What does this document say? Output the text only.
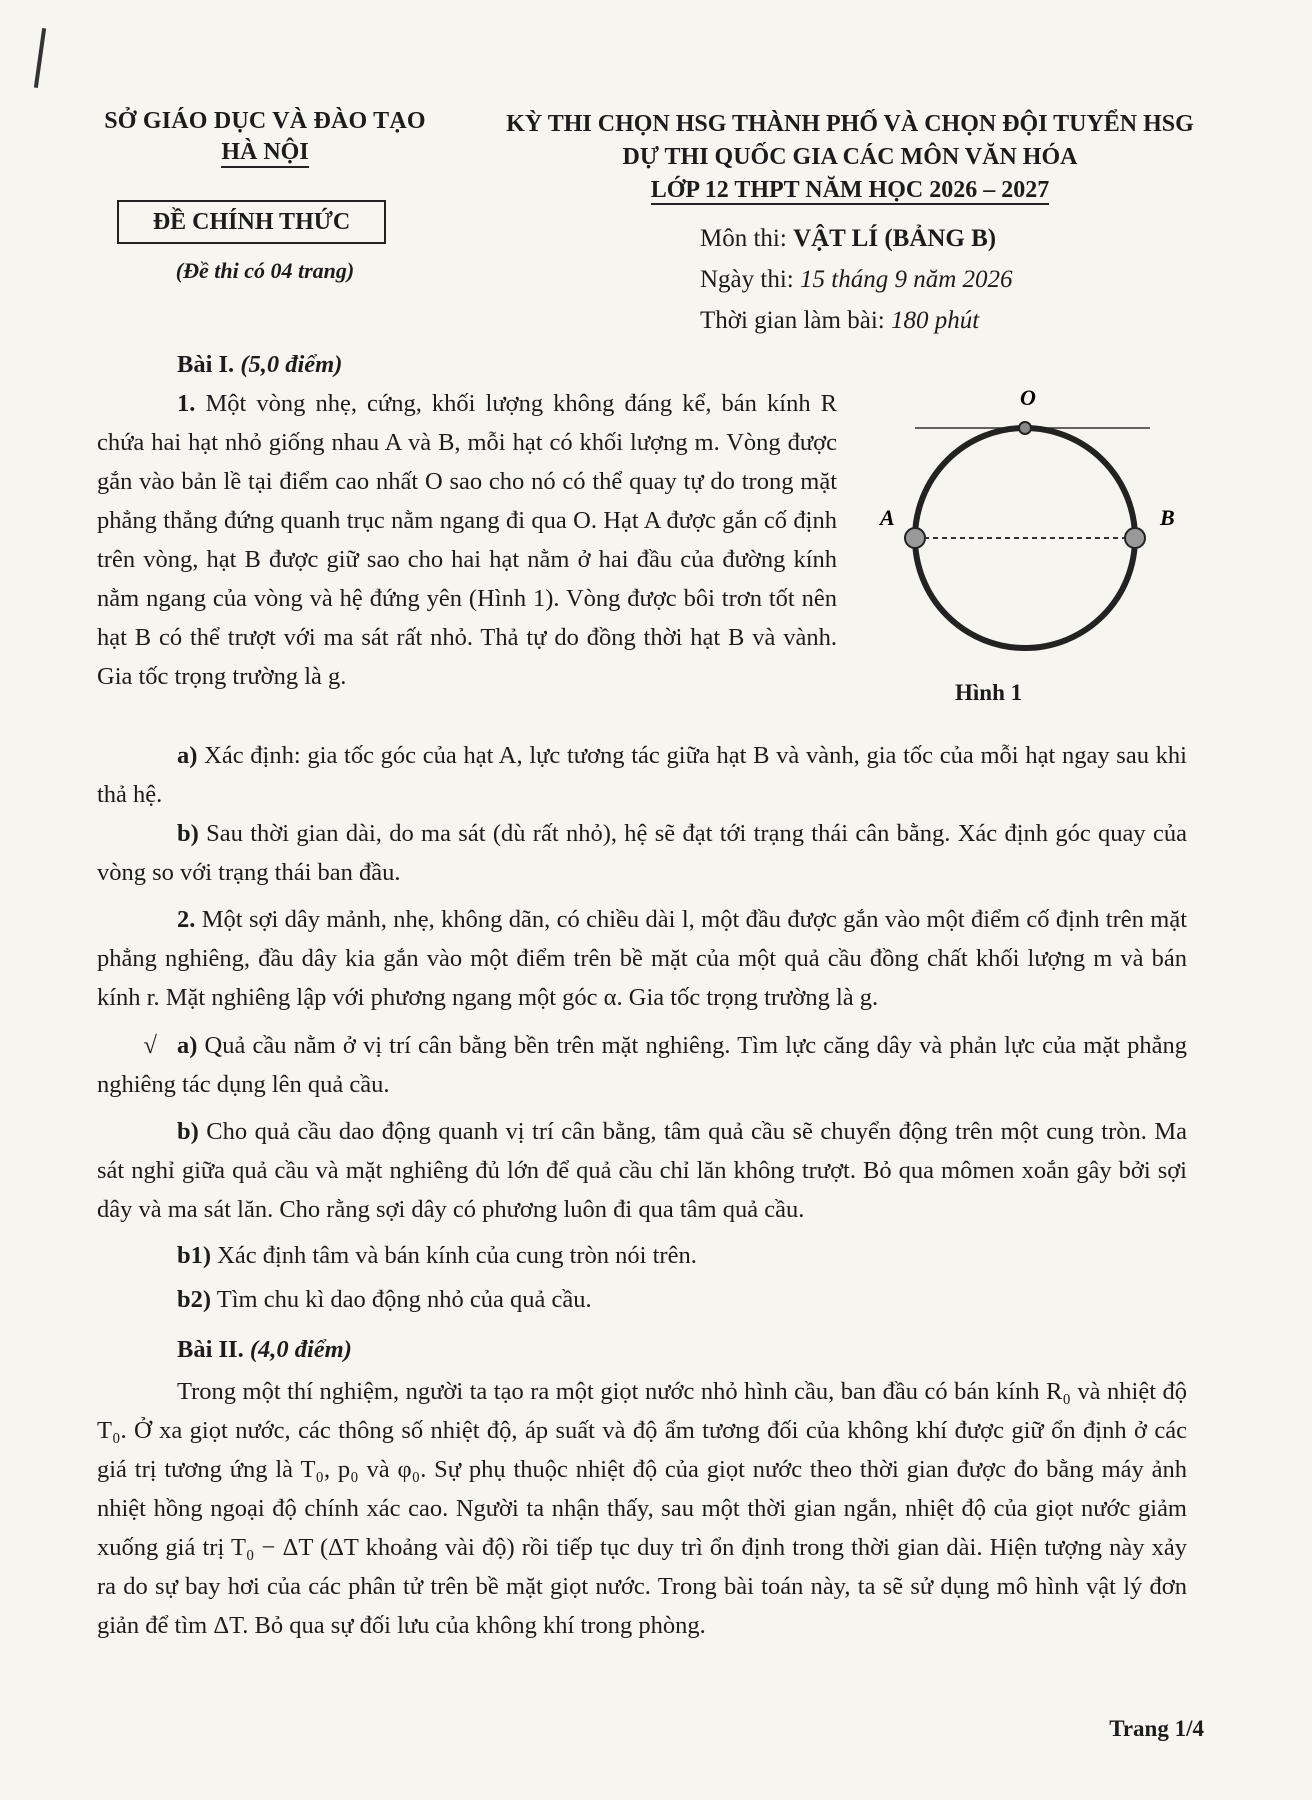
SỞ GIÁO DỤC VÀ ĐÀO TẠO
HÀ NỘI
ĐỀ CHÍNH THỨC
(Đề thi có 04 trang)
KỲ THI CHỌN HSG THÀNH PHỐ VÀ CHỌN ĐỘI TUYỂN HSG
DỰ THI QUỐC GIA CÁC MÔN VĂN HÓA
LỚP 12 THPT NĂM HỌC 2026 – 2027
Môn thi: VẬT LÍ (BẢNG B)
Ngày thi: 15 tháng 9 năm 2026
Thời gian làm bài: 180 phút
Bài I. (5,0 điểm)
1. Một vòng nhẹ, cứng, khối lượng không đáng kể, bán kính R chứa hai hạt nhỏ giống nhau A và B, mỗi hạt có khối lượng m. Vòng được gắn vào bản lề tại điểm cao nhất O sao cho nó có thể quay tự do trong mặt phẳng thẳng đứng quanh trục nằm ngang đi qua O. Hạt A được gắn cố định trên vòng, hạt B được giữ sao cho hai hạt nằm ở hai đầu của đường kính nằm ngang của vòng và hệ đứng yên (Hình 1). Vòng được bôi trơn tốt nên hạt B có thể trượt với ma sát rất nhỏ. Thả tự do đồng thời hạt B và vành. Gia tốc trọng trường là g.
O
A	B
Hình 1
a) Xác định: gia tốc góc của hạt A, lực tương tác giữa hạt B và vành, gia tốc của mỗi hạt ngay sau khi thả hệ.
b) Sau thời gian dài, do ma sát (dù rất nhỏ), hệ sẽ đạt tới trạng thái cân bằng. Xác định góc quay của vòng so với trạng thái ban đầu.
2. Một sợi dây mảnh, nhẹ, không dãn, có chiều dài l, một đầu được gắn vào một điểm cố định trên mặt phẳng nghiêng, đầu dây kia gắn vào một điểm trên bề mặt của một quả cầu đồng chất khối lượng m và bán kính r. Mặt nghiêng lập với phương ngang một góc α. Gia tốc trọng trường là g.
√ a) Quả cầu nằm ở vị trí cân bằng bền trên mặt nghiêng. Tìm lực căng dây và phản lực của mặt phẳng nghiêng tác dụng lên quả cầu.
b) Cho quả cầu dao động quanh vị trí cân bằng, tâm quả cầu sẽ chuyển động trên một cung tròn. Ma sát nghỉ giữa quả cầu và mặt nghiêng đủ lớn để quả cầu chỉ lăn không trượt. Bỏ qua mômen xoắn gây bởi sợi dây và ma sát lăn. Cho rằng sợi dây có phương luôn đi qua tâm quả cầu.
b1) Xác định tâm và bán kính của cung tròn nói trên.
b2) Tìm chu kì dao động nhỏ của quả cầu.
Bài II. (4,0 điểm)
Trong một thí nghiệm, người ta tạo ra một giọt nước nhỏ hình cầu, ban đầu có bán kính R₀ và nhiệt độ T₀. Ở xa giọt nước, các thông số nhiệt độ, áp suất và độ ẩm tương đối của không khí được giữ ổn định ở các giá trị tương ứng là T₀, p₀ và φ₀. Sự phụ thuộc nhiệt độ của giọt nước theo thời gian được đo bằng máy ảnh nhiệt hồng ngoại độ chính xác cao. Người ta nhận thấy, sau một thời gian ngắn, nhiệt độ của giọt nước giảm xuống giá trị T₀ − ΔT (ΔT khoảng vài độ) rồi tiếp tục duy trì ổn định trong thời gian dài. Hiện tượng này xảy ra do sự bay hơi của các phân tử trên bề mặt giọt nước. Trong bài toán này, ta sẽ sử dụng mô hình vật lý đơn giản để tìm ΔT. Bỏ qua sự đối lưu của không khí trong phòng.
Trang 1/4
